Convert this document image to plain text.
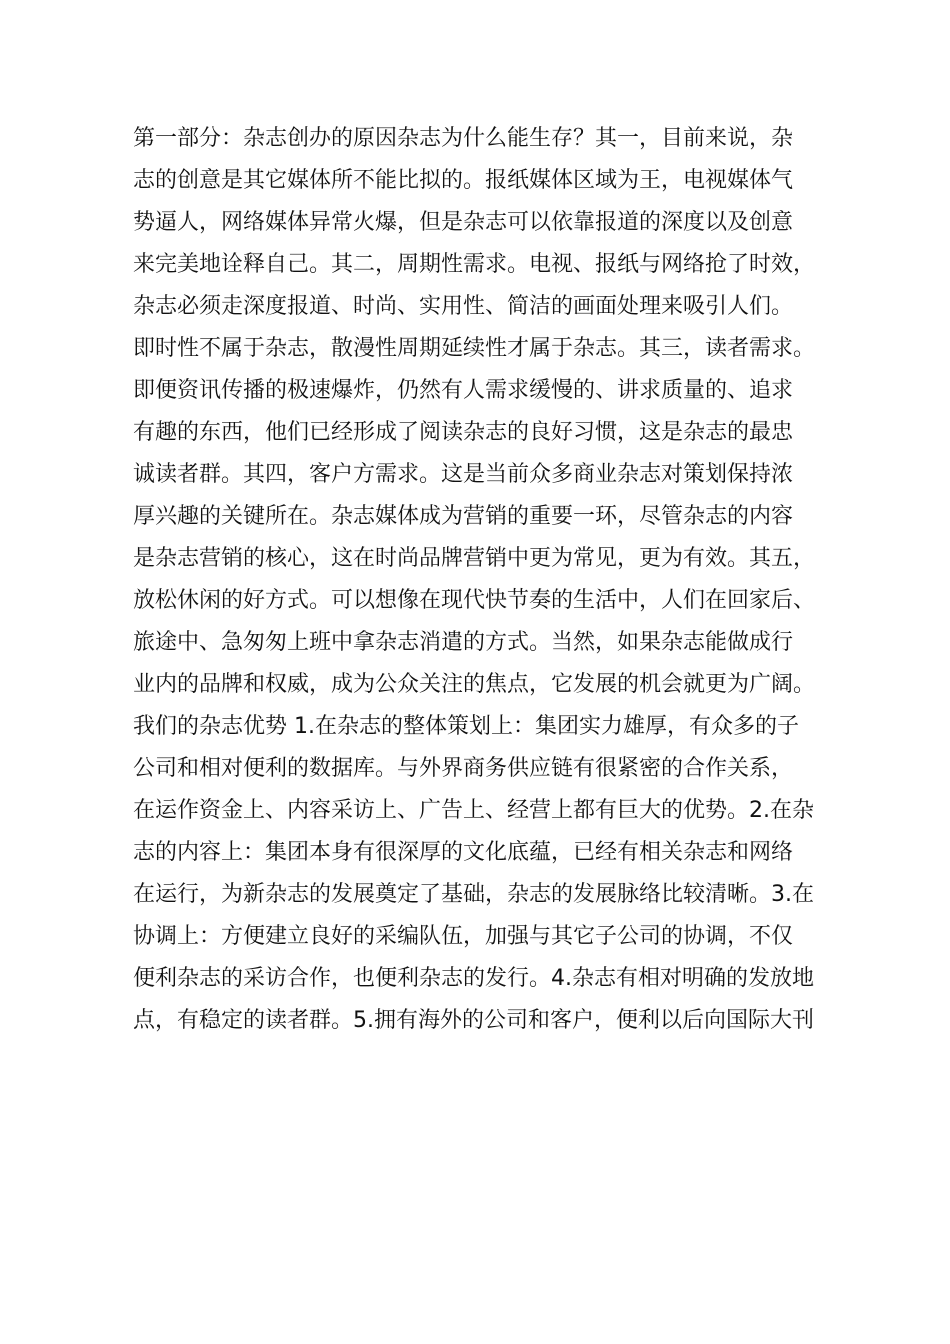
第一部分：杂志创办的原因杂志为什么能生存？其一，目前来说，杂
志的创意是其它媒体所不能比拟的。报纸媒体区域为王，电视媒体气
势逼人，网络媒体异常火爆，但是杂志可以依靠报道的深度以及创意
来完美地诠释自己。其二，周期性需求。电视、报纸与网络抢了时效，
杂志必须走深度报道、时尚、实用性、简洁的画面处理来吸引人们。
即时性不属于杂志，散漫性周期延续性才属于杂志。其三，读者需求。
即便资讯传播的极速爆炸，仍然有人需求缓慢的、讲求质量的、追求
有趣的东西，他们已经形成了阅读杂志的良好习惯，这是杂志的最忠
诚读者群。其四，客户方需求。这是当前众多商业杂志对策划保持浓
厚兴趣的关键所在。杂志媒体成为营销的重要一环，尽管杂志的内容
是杂志营销的核心，这在时尚品牌营销中更为常见，更为有效。其五，
放松休闲的好方式。可以想像在现代快节奏的生活中，人们在回家后、
旅途中、急匆匆上班中拿杂志消遣的方式。当然，如果杂志能做成行
业内的品牌和权威，成为公众关注的焦点，它发展的机会就更为广阔。
我们的杂志优势 1.在杂志的整体策划上：集团实力雄厚，有众多的子
公司和相对便利的数据库。与外界商务供应链有很紧密的合作关系，
在运作资金上、内容采访上、广告上、经营上都有巨大的优势。2.在杂
志的内容上：集团本身有很深厚的文化底蕴，已经有相关杂志和网络
在运行，为新杂志的发展奠定了基础，杂志的发展脉络比较清晰。3.在
协调上：方便建立良好的采编队伍，加强与其它子公司的协调，不仅
便利杂志的采访合作，也便利杂志的发行。4.杂志有相对明确的发放地
点，有稳定的读者群。5.拥有海外的公司和客户，便利以后向国际大刊
